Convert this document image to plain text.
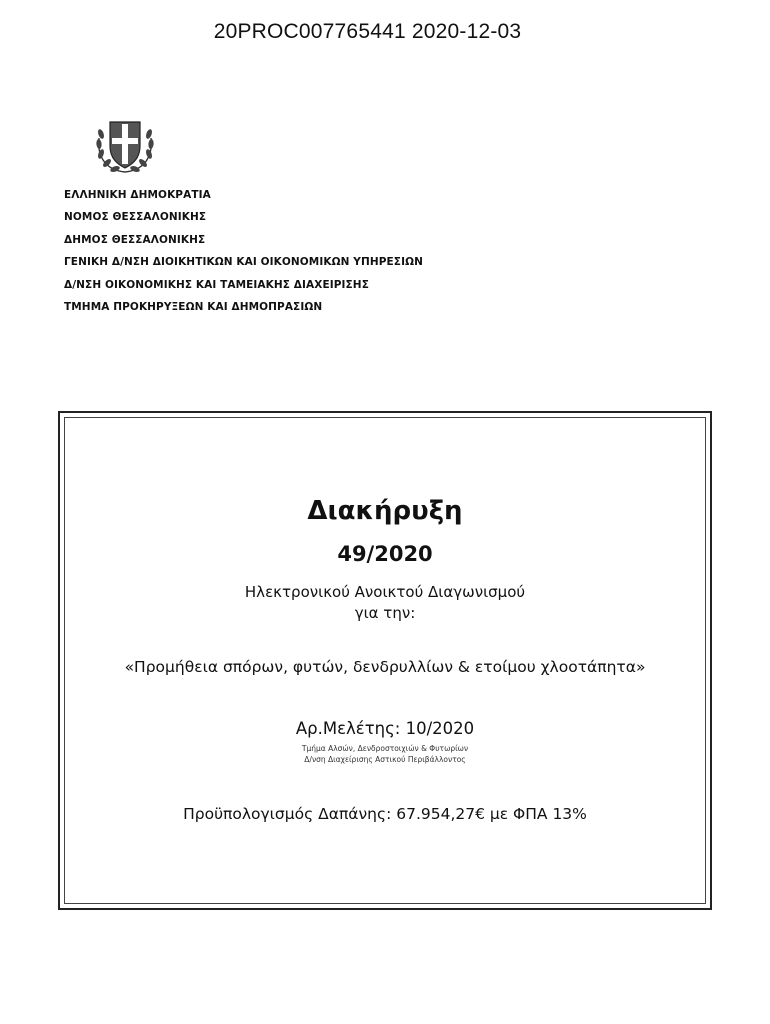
20PROC007765441 2020-12-03
ΕΛΛΗΝΙΚΗ ΔΗΜΟΚΡΑΤΙΑ
ΝΟΜΟΣ ΘΕΣΣΑΛΟΝΙΚΗΣ
ΔΗΜΟΣ ΘΕΣΣΑΛΟΝΙΚΗΣ
ΓΕΝΙΚΗ Δ/ΝΣΗ ΔΙΟΙΚΗΤΙΚΩΝ ΚΑΙ ΟΙΚΟΝΟΜΙΚΩΝ ΥΠΗΡΕΣΙΩΝ
Δ/ΝΣΗ ΟΙΚΟΝΟΜΙΚΗΣ ΚΑΙ ΤΑΜΕΙΑΚΗΣ ΔΙΑΧΕΙΡΙΣΗΣ
ΤΜΗΜΑ ΠΡΟΚΗΡΥΞΕΩΝ ΚΑΙ ΔΗΜΟΠΡΑΣΙΩΝ
Διακήρυξη
49/2020
Ηλεκτρονικού Ανοικτού Διαγωνισμού
για την:
«Προμήθεια σπόρων, φυτών, δενδρυλλίων & ετοίμου χλοοτάπητα»
Αρ.Μελέτης: 10/2020
Τμήμα Αλσών, Δενδροστοιχιών & Φυτωρίων
Δ/νση Διαχείρισης Αστικού Περιβάλλοντος
Προϋπολογισμός Δαπάνης: 67.954,27€ με ΦΠΑ 13%
